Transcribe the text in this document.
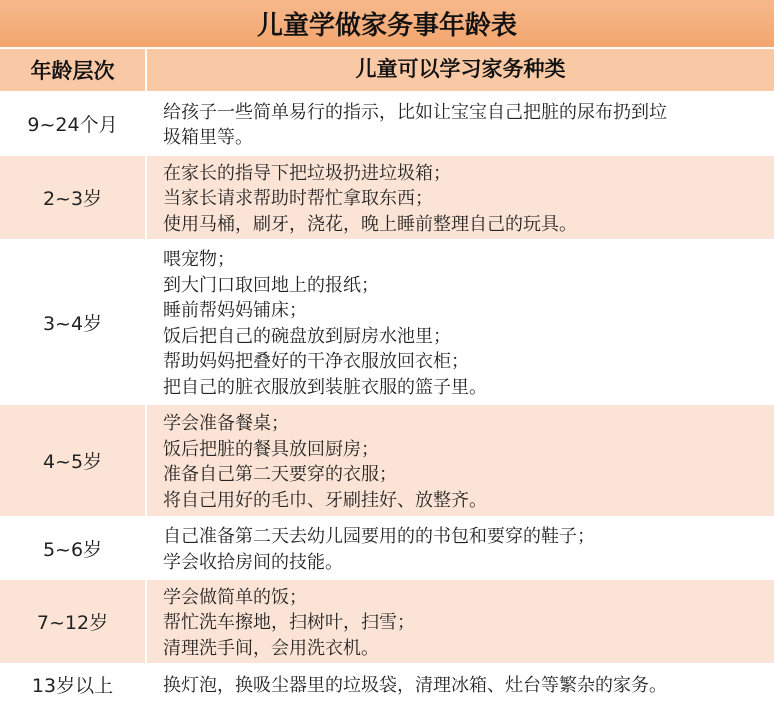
儿童学做家务事年龄表
年龄层次	儿童可以学习家务种类
9~24个月
给孩子一些简单易行的指示，比如让宝宝自己把脏的尿布扔到垃
圾箱里等。
2~3岁
在家长的指导下把垃圾扔进垃圾箱；
当家长请求帮助时帮忙拿取东西；
使用马桶，刷牙，浇花，晚上睡前整理自己的玩具。
3~4岁
喂宠物；
到大门口取回地上的报纸；
睡前帮妈妈铺床；
饭后把自己的碗盘放到厨房水池里；
帮助妈妈把叠好的干净衣服放回衣柜；
把自己的脏衣服放到装脏衣服的篮子里。
4~5岁
学会准备餐桌；
饭后把脏的餐具放回厨房；
准备自己第二天要穿的衣服；
将自己用好的毛巾、牙刷挂好、放整齐。
5~6岁
自己准备第二天去幼儿园要用的的书包和要穿的鞋子；
学会收拾房间的技能。
7~12岁
学会做简单的饭；
帮忙洗车擦地，扫树叶，扫雪；
清理洗手间，会用洗衣机。
13岁以上	换灯泡，换吸尘器里的垃圾袋，清理冰箱、灶台等繁杂的家务。
